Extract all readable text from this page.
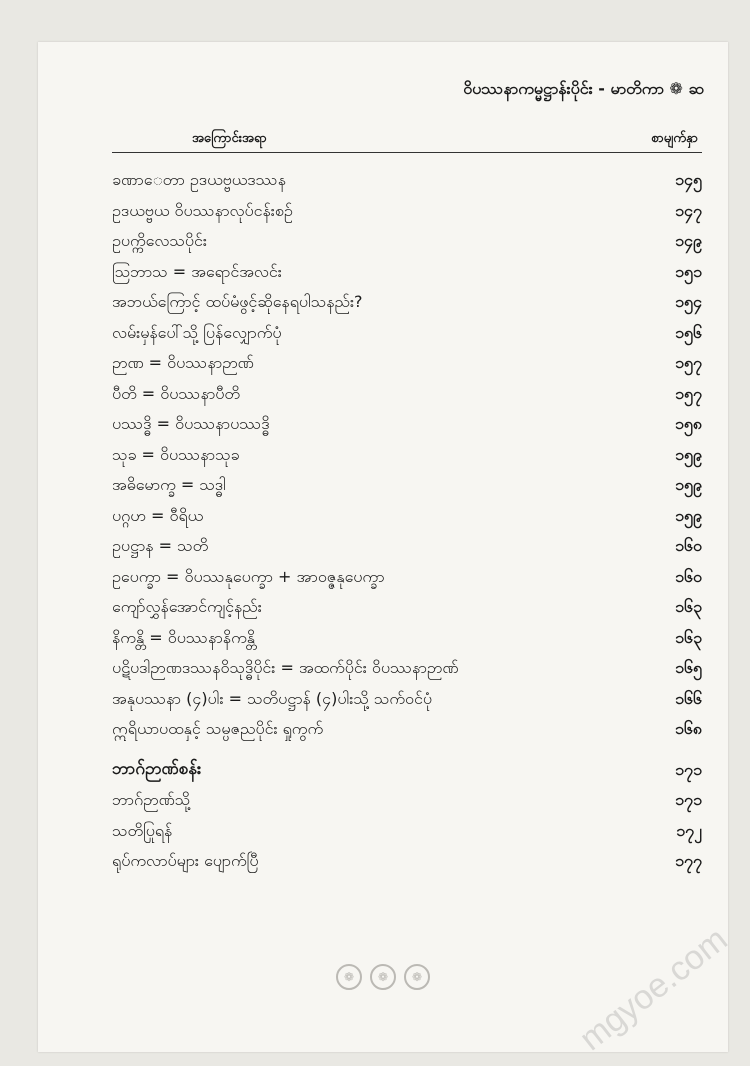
ဝိပဿနာကမ္မဋ္ဌာန်းပိုင်း - မာတိကာ ❁ ဆ
အကြောင်းအရာ	စာမျက်နှာ
ခဏာေတာ ဥဒယဗ္ဗယဒဿန	၁၄၅
ဥဒယဗ္ဗယ ဝိပဿနာလုပ်ငန်းစဉ်	၁၄၇
ဥပက္ကိလေသပိုင်း	၁၄၉
ဩဘာသ = အရောင်အလင်း	၁၅၁
အဘယ်ကြောင့် ထပ်မံဖွင့်ဆိုနေရပါသနည်း?	၁၅၄
လမ်းမှန်ပေါ်သို့ ပြန်လျှောက်ပုံ	၁၅၆
ဉာဏ = ဝိပဿနာဉာဏ်	၁၅၇
ပီတိ = ဝိပဿနာပီတိ	၁၅၇
ပဿဒ္ဓိ = ဝိပဿနာပဿဒ္ဓိ	၁၅၈
သုခ = ဝိပဿနာသုခ	၁၅၉
အဓိမောက္ခ = သဒ္ဓါ	၁၅၉
ပဂ္ဂဟ = ဝီရိယ	၁၅၉
ဥပဋ္ဌာန = သတိ	၁၆၀
ဥပေက္ခာ = ဝိပဿနုပေက္ခာ + အာဝဇ္ဇနုပေက္ခာ	၁၆၀
ကျော်လွှန်အောင်ကျင့်နည်း	၁၆၃
နိကန္တိ = ဝိပဿနာနိကန္တိ	၁၆၃
ပဋိပဒါဉာဏဒဿနဝိသုဒ္ဓိပိုင်း = အထက်ပိုင်း ဝိပဿနာဉာဏ်	၁၆၅
အနုပဿနာ (၄)ပါး = သတိပဋ္ဌာန် (၄)ပါးသို့ သက်ဝင်ပုံ	၁၆၆
ဣရိယာပထနှင့် သမ္ပဇညပိုင်း ရှုကွက်	၁၆၈
ဘာဂ်ဉာဏ်စန်း	၁၇၁
ဘာဂ်ဉာဏ်သို့	၁၇၁
သတိပြုရန်	၁၇၂
ရုပ်ကလာပ်များ ပျောက်ပြီ	၁၇၇
❁	❁	❁	mgyoe.com
